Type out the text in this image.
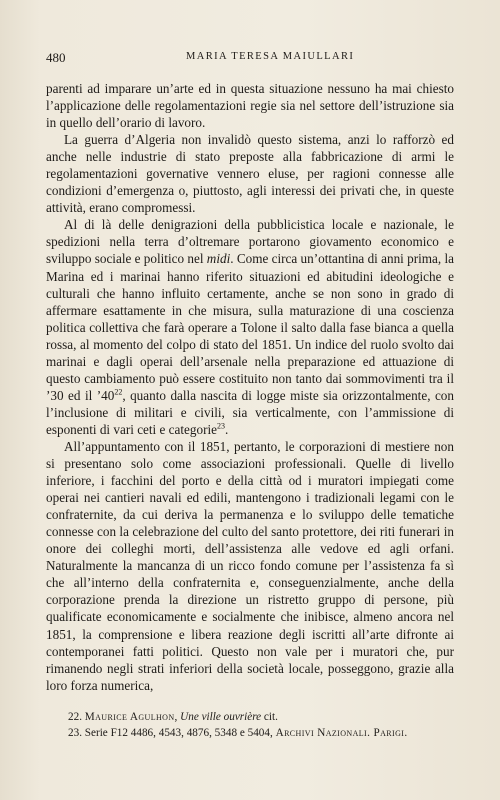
480	MARIA TERESA MAIULLARI

parenti ad imparare un’arte ed in questa situazione nessuno ha mai chiesto l’applicazione delle regolamentazioni regie sia nel settore dell’istruzione sia in quello dell’orario di lavoro.

La guerra d’Algeria non invalidò questo sistema, anzi lo rafforzò ed anche nelle industrie di stato preposte alla fabbricazione di armi le regolamentazioni governative vennero eluse, per ragioni connesse alle condizioni d’emergenza o, piuttosto, agli interessi dei privati che, in queste attività, erano compromessi.

Al di là delle denigrazioni della pubblicistica locale e nazionale, le spedizioni nella terra d’oltremare portarono giovamento economico e sviluppo sociale e politico nel midi. Come circa un’ottantina di anni prima, la Marina ed i marinai hanno riferito situazioni ed abitudini ideologiche e culturali che hanno influito certamente, anche se non sono in grado di affermare esattamente in che misura, sulla maturazione di una coscienza politica collettiva che farà operare a Tolone il salto dalla fase bianca a quella rossa, al momento del colpo di stato del 1851. Un indice del ruolo svolto dai marinai e dagli operai dell’arsenale nella preparazione ed attuazione di questo cambiamento può essere costituito non tanto dai sommovimenti tra il ’30 ed il $’40^{22}$, quanto dalla nascita di logge miste sia orizzontalmente, con l’inclusione di militari e civili, sia verticalmente, con l’ammissione di esponenti di vari ceti e categorie$^{23}$.

All’appuntamento con il 1851, pertanto, le corporazioni di mestiere non si presentano solo come associazioni professionali. Quelle di livello inferiore, i facchini del porto e della città od i muratori impiegati come operai nei cantieri navali ed edili, mantengono i tradizionali legami con le confraternite, da cui deriva la permanenza e lo sviluppo delle tematiche connesse con la celebrazione del culto del santo protettore, dei riti funerari in onore dei colleghi morti, dell’assistenza alle vedove ed agli orfani. Naturalmente la mancanza di un ricco fondo comune per l’assistenza fa sì che all’interno della confraternita e, conseguenzialmente, anche della corporazione prenda la direzione un ristretto gruppo di persone, più qualificate economicamente e socialmente che inibisce, almeno ancora nel 1851, la comprensione e libera reazione degli iscritti all’arte difronte ai contemporanei fatti politici. Questo non vale per i muratori che, pur rimanendo negli strati inferiori della società locale, posseggono, grazie alla loro forza numerica,

22. Maurice Agulhon, Une ville ouvrière cit.

23. Serie F12 4486, 4543, 4876, 5348 e 5404, Archivi Nazionali. Parigi.
